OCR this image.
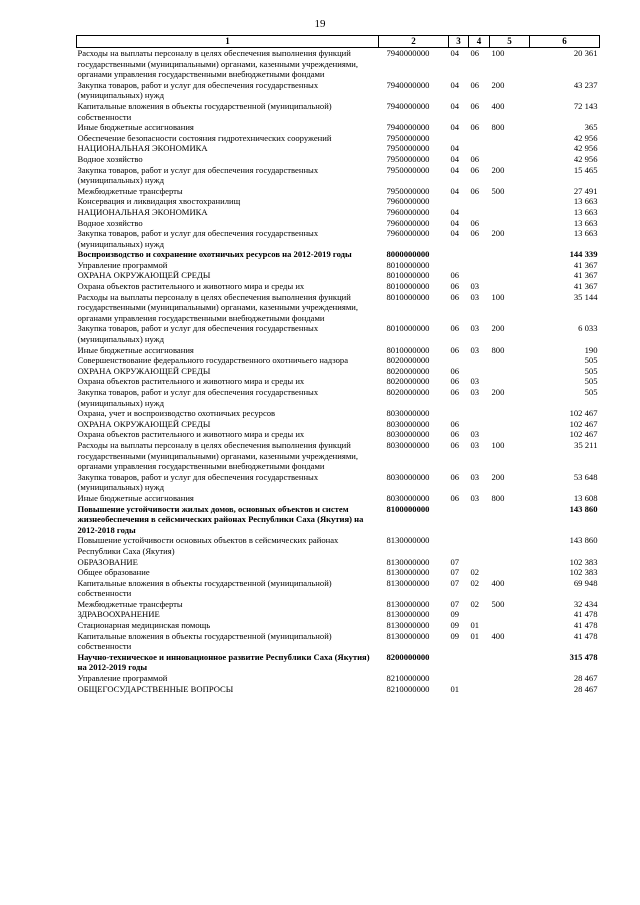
19
1	2	3	4	5	6
Расходы на выплаты персоналу в целях обеспечения выполнения функций государственными (муниципальными) органами, казенными учреждениями, органами управления государственными внебюджетными фондами	7940000000	04	06	100	20 361
Закупка товаров, работ и услуг для обеспечения государственных (муниципальных) нужд	7940000000	04	06	200	43 237
Капитальные вложения в объекты государственной (муниципальной) собственности	7940000000	04	06	400	72 143
Иные бюджетные ассигнования	7940000000	04	06	800	365
Обеспечение безопасности состояния гидротехнических сооружений	7950000000				42 956
НАЦИОНАЛЬНАЯ ЭКОНОМИКА	7950000000	04			42 956
Водное хозяйство	7950000000	04	06		42 956
Закупка товаров, работ и услуг для обеспечения государственных (муниципальных) нужд	7950000000	04	06	200	15 465
Межбюджетные трансферты	7950000000	04	06	500	27 491
Консервация и ликвидация хвостохранилищ	7960000000				13 663
НАЦИОНАЛЬНАЯ ЭКОНОМИКА	7960000000	04			13 663
Водное хозяйство	7960000000	04	06		13 663
Закупка товаров, работ и услуг для обеспечения государственных (муниципальных) нужд	7960000000	04	06	200	13 663
Воспроизводство и сохранение охотничьих ресурсов на 2012-2019 годы	8000000000				144 339
Управление программой	8010000000				41 367
ОХРАНА ОКРУЖАЮЩЕЙ СРЕДЫ	8010000000	06			41 367
Охрана объектов растительного и животного мира и среды их	8010000000	06	03		41 367
Расходы на выплаты персоналу в целях обеспечения выполнения функций государственными (муниципальными) органами, казенными учреждениями, органами управления государственными внебюджетными фондами	8010000000	06	03	100	35 144
Закупка товаров, работ и услуг для обеспечения государственных (муниципальных) нужд	8010000000	06	03	200	6 033
Иные бюджетные ассигнования	8010000000	06	03	800	190
Совершенствование федерального государственного охотничьего надзора	8020000000				505
ОХРАНА ОКРУЖАЮЩЕЙ СРЕДЫ	8020000000	06			505
Охрана объектов растительного и животного мира и среды их	8020000000	06	03		505
Закупка товаров, работ и услуг для обеспечения государственных (муниципальных) нужд	8020000000	06	03	200	505
Охрана, учет и воспроизводство охотничьих ресурсов	8030000000				102 467
ОХРАНА ОКРУЖАЮЩЕЙ СРЕДЫ	8030000000	06			102 467
Охрана объектов растительного и животного мира и среды их	8030000000	06	03		102 467
Расходы на выплаты персоналу в целях обеспечения выполнения функций государственными (муниципальными) органами, казенными учреждениями, органами управления государственными внебюджетными фондами	8030000000	06	03	100	35 211
Закупка товаров, работ и услуг для обеспечения государственных (муниципальных) нужд	8030000000	06	03	200	53 648
Иные бюджетные ассигнования	8030000000	06	03	800	13 608
Повышение устойчивости жилых домов, основных объектов и систем жизнеобеспечения в сейсмических районах Республики Саха (Якутия) на 2012-2018 годы	8100000000				143 860
Повышение устойчивости основных объектов в сейсмических районах Республики Саха (Якутия)	8130000000				143 860
ОБРАЗОВАНИЕ	8130000000	07			102 383
Общее образование	8130000000	07	02		102 383
Капитальные вложения в объекты государственной (муниципальной) собственности	8130000000	07	02	400	69 948
Межбюджетные трансферты	8130000000	07	02	500	32 434
ЗДРАВООХРАНЕНИЕ	8130000000	09			41 478
Стационарная медицинская помощь	8130000000	09	01		41 478
Капитальные вложения в объекты государственной (муниципальной) собственности	8130000000	09	01	400	41 478
Научно-техническое и инновационное развитие Республики Саха (Якутия) на 2012-2019 годы	8200000000				315 478
Управление программой	8210000000				28 467
ОБЩЕГОСУДАРСТВЕННЫЕ ВОПРОСЫ	8210000000	01			28 467
